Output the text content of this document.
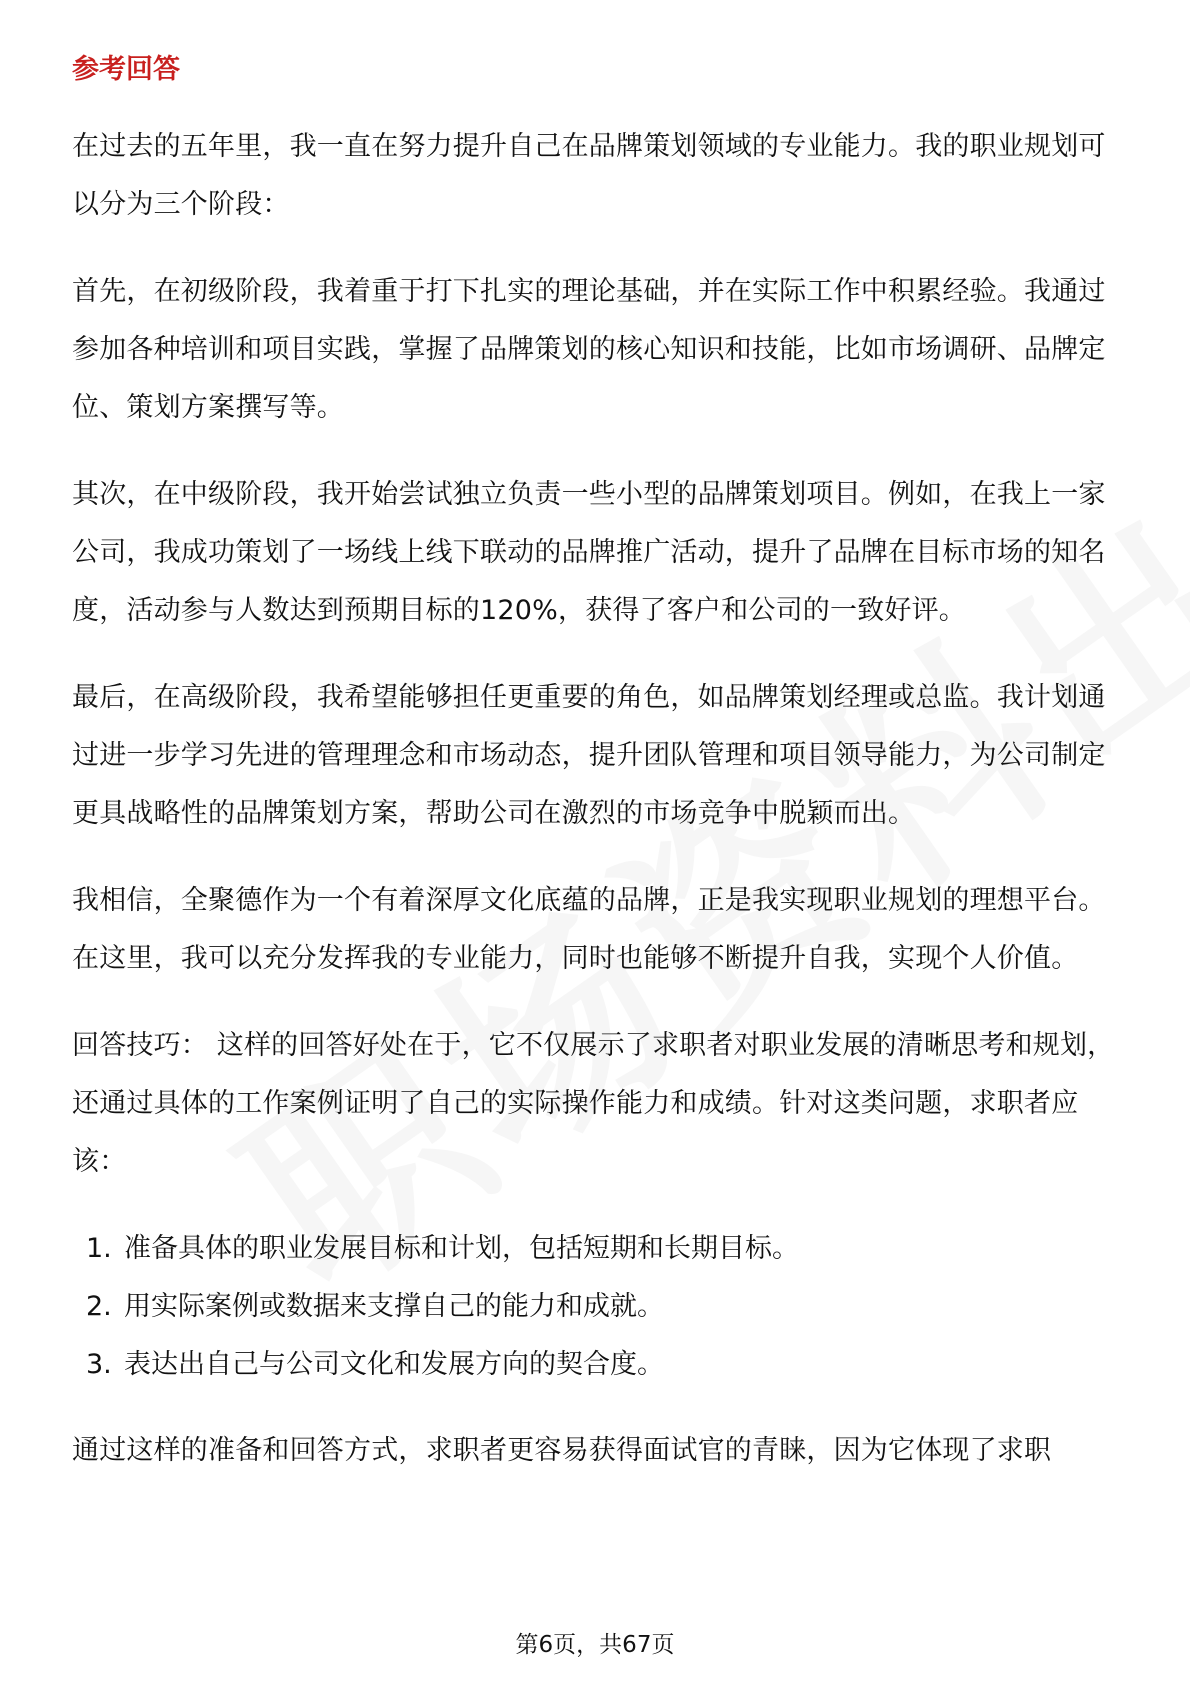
参考回答

在过去的五年里，我一直在努力提升自己在品牌策划领域的专业能力。我的职业规划可以分为三个阶段：

首先，在初级阶段，我着重于打下扎实的理论基础，并在实际工作中积累经验。我通过参加各种培训和项目实践，掌握了品牌策划的核心知识和技能，比如市场调研、品牌定位、策划方案撰写等。

其次，在中级阶段，我开始尝试独立负责一些小型的品牌策划项目。例如，在我上一家公司，我成功策划了一场线上线下联动的品牌推广活动，提升了品牌在目标市场的知名度，活动参与人数达到预期目标的120%，获得了客户和公司的一致好评。

最后，在高级阶段，我希望能够担任更重要的角色，如品牌策划经理或总监。我计划通过进一步学习先进的管理理念和市场动态，提升团队管理和项目领导能力，为公司制定更具战略性的品牌策划方案，帮助公司在激烈的市场竞争中脱颖而出。

我相信，全聚德作为一个有着深厚文化底蕴的品牌，正是我实现职业规划的理想平台。在这里，我可以充分发挥我的专业能力，同时也能够不断提升自我，实现个人价值。

回答技巧： 这样的回答好处在于，它不仅展示了求职者对职业发展的清晰思考和规划，还通过具体的工作案例证明了自己的实际操作能力和成绩。针对这类问题，求职者应该：

1. 准备具体的职业发展目标和计划，包括短期和长期目标。
2. 用实际案例或数据来支撑自己的能力和成就。
3. 表达出自己与公司文化和发展方向的契合度。

通过这样的准备和回答方式，求职者更容易获得面试官的青睐，因为它体现了求职

第6页，共67页
